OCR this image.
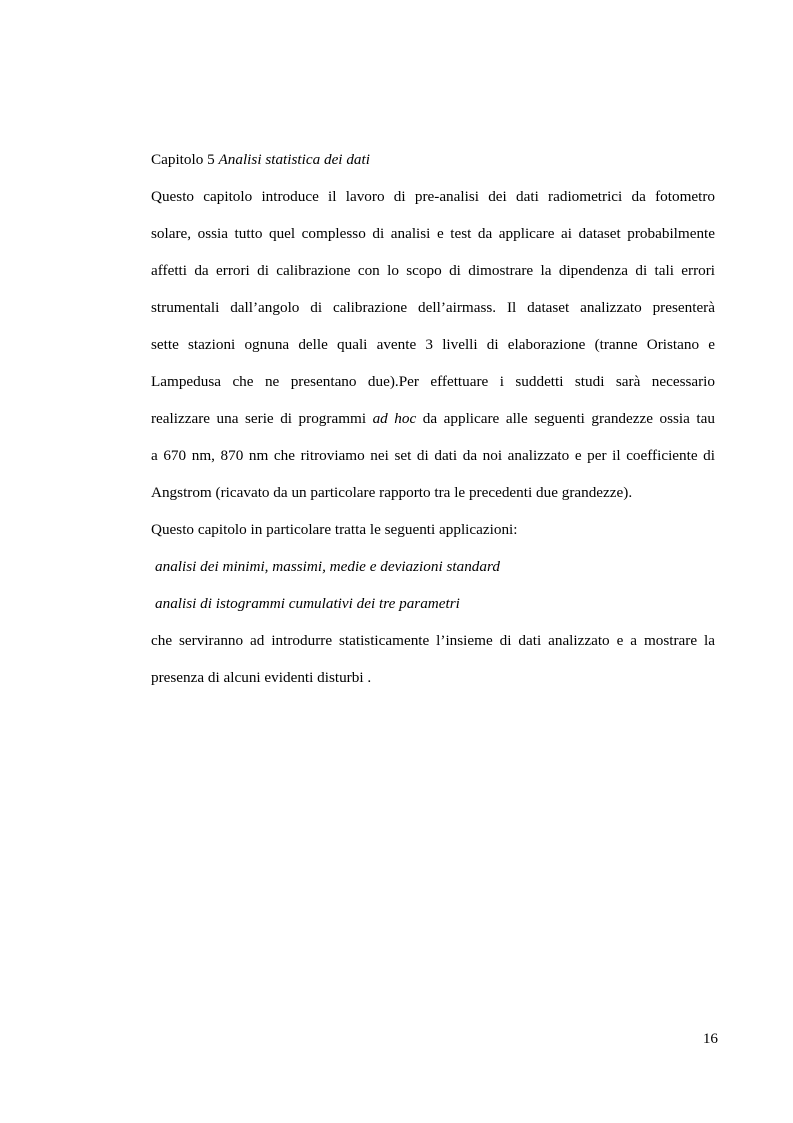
Capitolo 5 Analisi statistica dei dati
Questo capitolo introduce il lavoro di pre-analisi dei dati radiometrici da fotometro
solare, ossia tutto quel complesso di analisi e test da applicare ai dataset probabilmente
affetti da errori di calibrazione con lo scopo di dimostrare la dipendenza di tali errori
strumentali dall’angolo di calibrazione dell’airmass. Il dataset analizzato presenterà
sette stazioni ognuna delle quali avente 3 livelli di elaborazione (tranne Oristano e
Lampedusa che ne presentano due).Per effettuare i suddetti studi sarà necessario
realizzare una serie di programmi ad hoc da applicare alle seguenti grandezze ossia tau
a 670 nm, 870 nm che ritroviamo nei set di dati da noi analizzato e per il coefficiente di
Angstrom (ricavato da un particolare rapporto tra le precedenti due grandezze).
Questo capitolo in particolare tratta le seguenti applicazioni:
analisi dei minimi, massimi, medie e deviazioni standard
analisi di istogrammi cumulativi dei tre parametri
che serviranno ad introdurre statisticamente l’insieme di dati analizzato e a mostrare la
presenza di alcuni evidenti disturbi .
16
